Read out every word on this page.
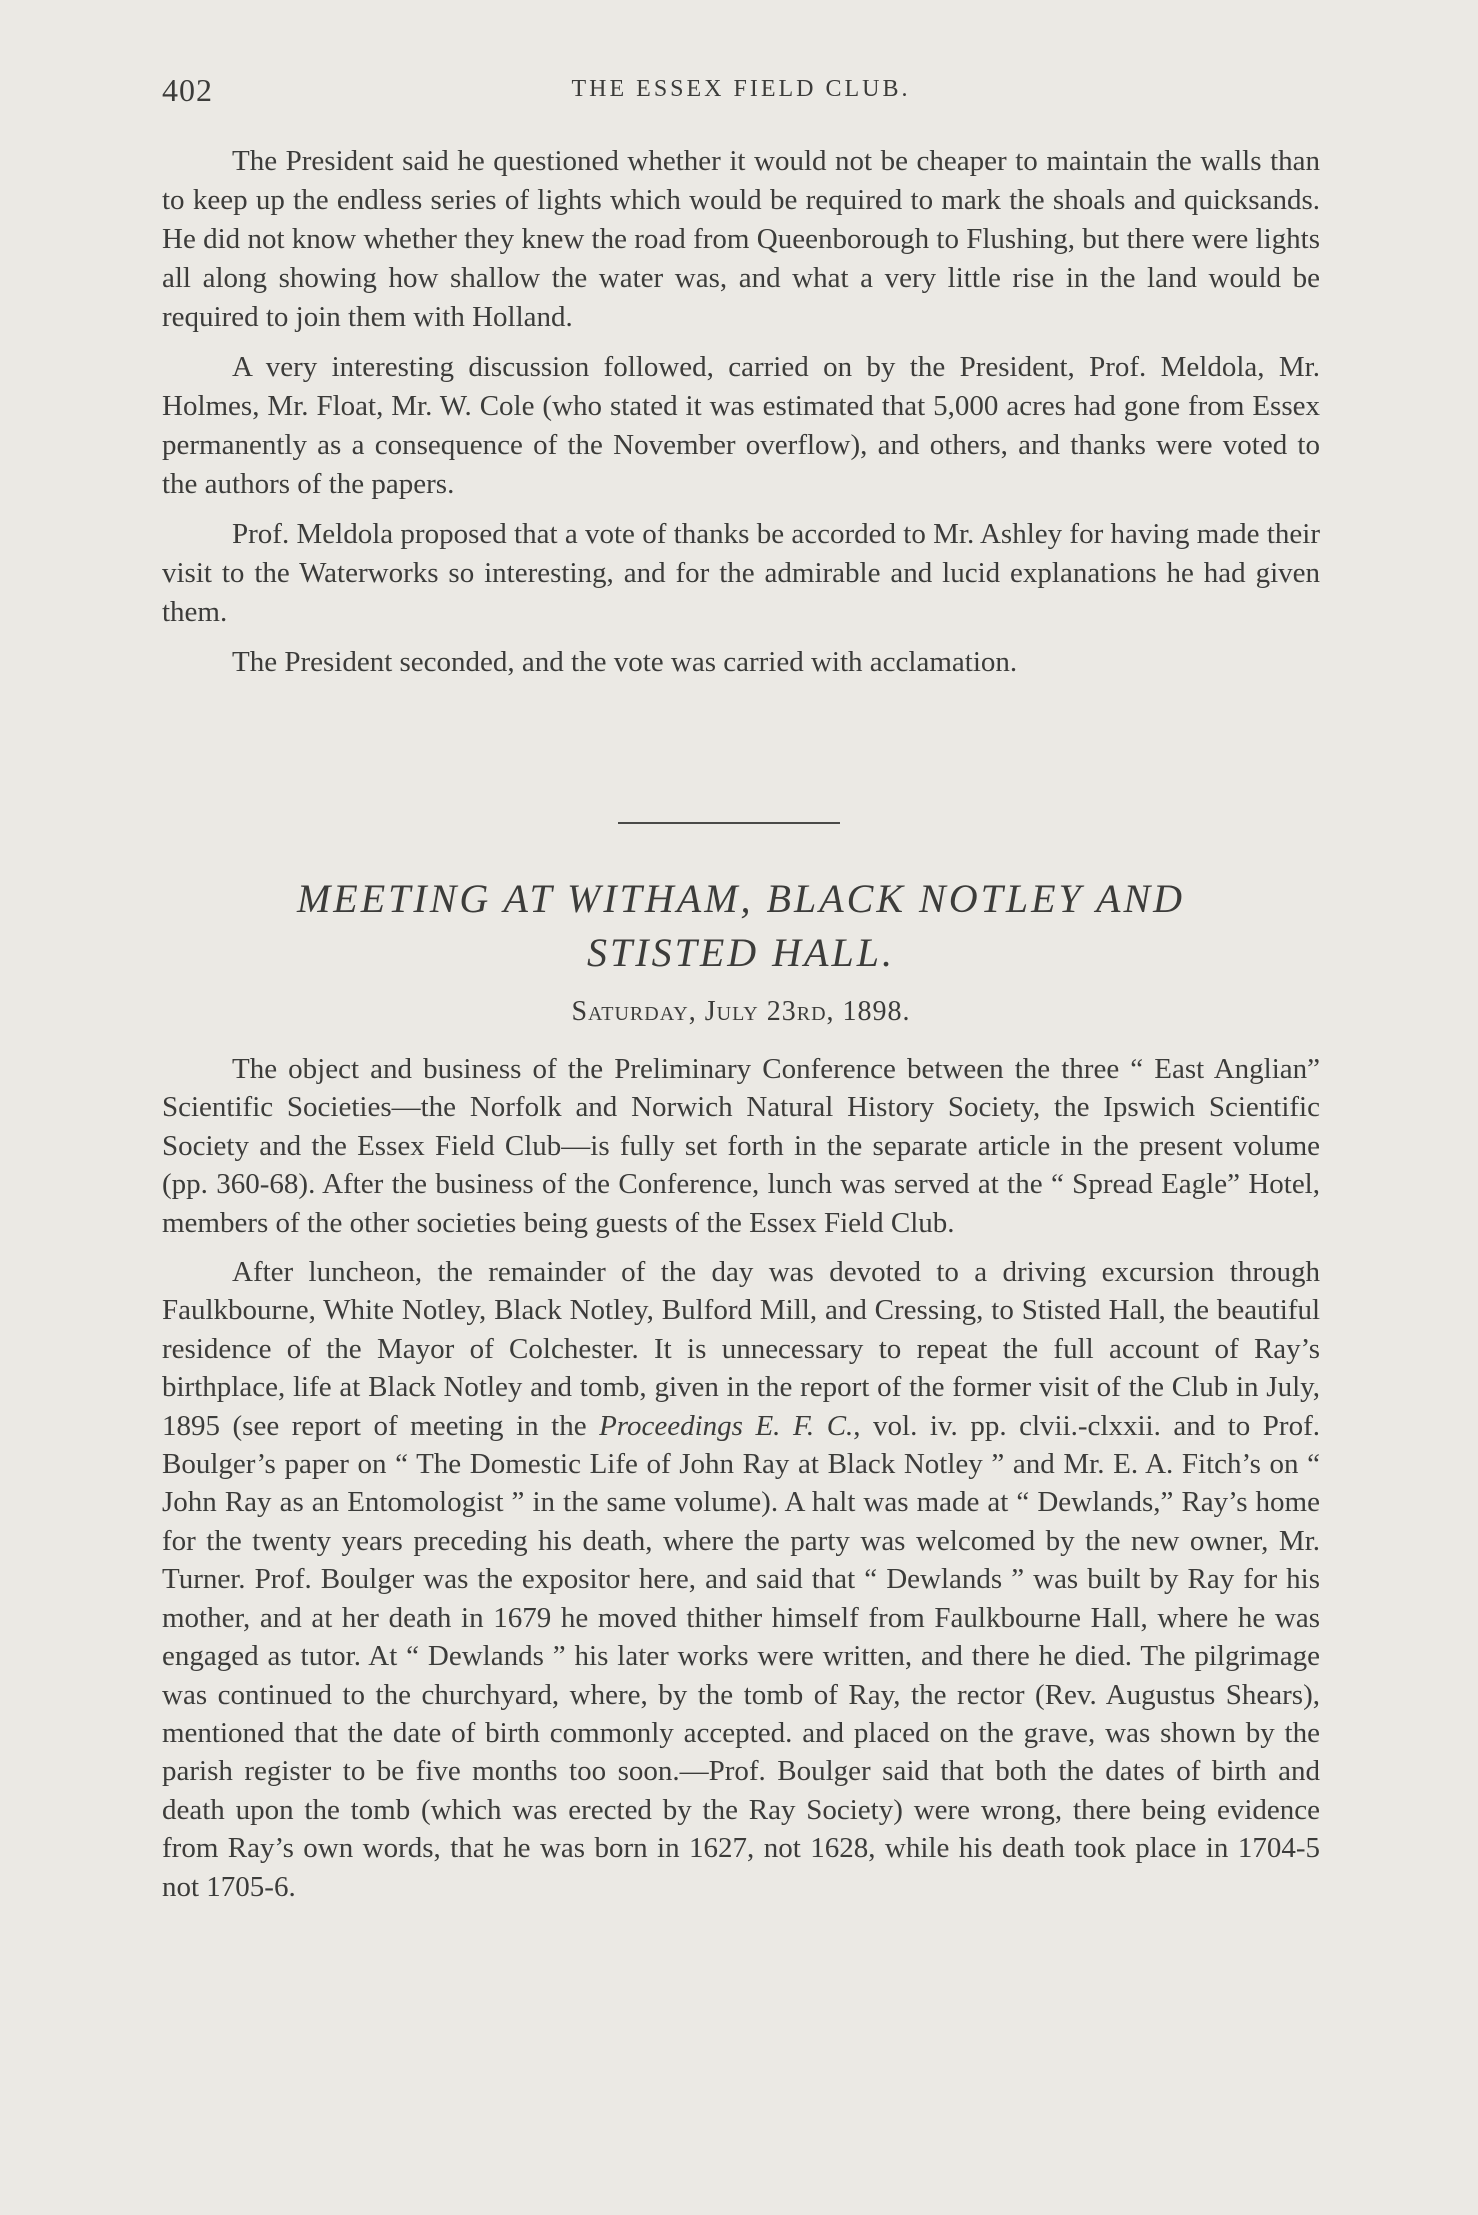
402	THE ESSEX FIELD CLUB.

The President said he questioned whether it would not be cheaper to maintain the walls than to keep up the endless series of lights which would be required to mark the shoals and quicksands. He did not know whether they knew the road from Queenborough to Flushing, but there were lights all along showing how shallow the water was, and what a very little rise in the land would be required to join them with Holland.

A very interesting discussion followed, carried on by the President, Prof. Meldola, Mr. Holmes, Mr. Float, Mr. W. Cole (who stated it was estimated that 5,000 acres had gone from Essex permanently as a consequence of the November overflow), and others, and thanks were voted to the authors of the papers.

Prof. Meldola proposed that a vote of thanks be accorded to Mr. Ashley for having made their visit to the Waterworks so interesting, and for the admirable and lucid explanations he had given them.

The President seconded, and the vote was carried with acclamation.

MEETING AT WITHAM, BLACK NOTLEY AND
STISTED HALL.
Saturday, July 23rd, 1898.

The object and business of the Preliminary Conference between the three “ East Anglian” Scientific Societies—the Norfolk and Norwich Natural History Society, the Ipswich Scientific Society and the Essex Field Club—is fully set forth in the separate article in the present volume (pp. 360-68). After the business of the Conference, lunch was served at the “ Spread Eagle” Hotel, members of the other societies being guests of the Essex Field Club.

After luncheon, the remainder of the day was devoted to a driving excursion through Faulkbourne, White Notley, Black Notley, Bulford Mill, and Cressing, to Stisted Hall, the beautiful residence of the Mayor of Colchester. It is unnecessary to repeat the full account of Ray’s birthplace, life at Black Notley and tomb, given in the report of the former visit of the Club in July, 1895 (see report of meeting in the Proceedings E. F. C., vol. iv. pp. clvii.-clxxii. and to Prof. Boulger’s paper on “ The Domestic Life of John Ray at Black Notley ” and Mr. E. A. Fitch’s on “ John Ray as an Entomologist ” in the same volume). A halt was made at “ Dewlands,” Ray’s home for the twenty years preceding his death, where the party was welcomed by the new owner, Mr. Turner. Prof. Boulger was the expositor here, and said that “ Dewlands ” was built by Ray for his mother, and at her death in 1679 he moved thither himself from Faulkbourne Hall, where he was engaged as tutor. At “ Dewlands ” his later works were written, and there he died. The pilgrimage was continued to the churchyard, where, by the tomb of Ray, the rector (Rev. Augustus Shears), mentioned that the date of birth commonly accepted. and placed on the grave, was shown by the parish register to be five months too soon.—Prof. Boulger said that both the dates of birth and death upon the tomb (which was erected by the Ray Society) were wrong, there being evidence from Ray’s own words, that he was born in 1627, not 1628, while his death took place in 1704-5 not 1705-6.
